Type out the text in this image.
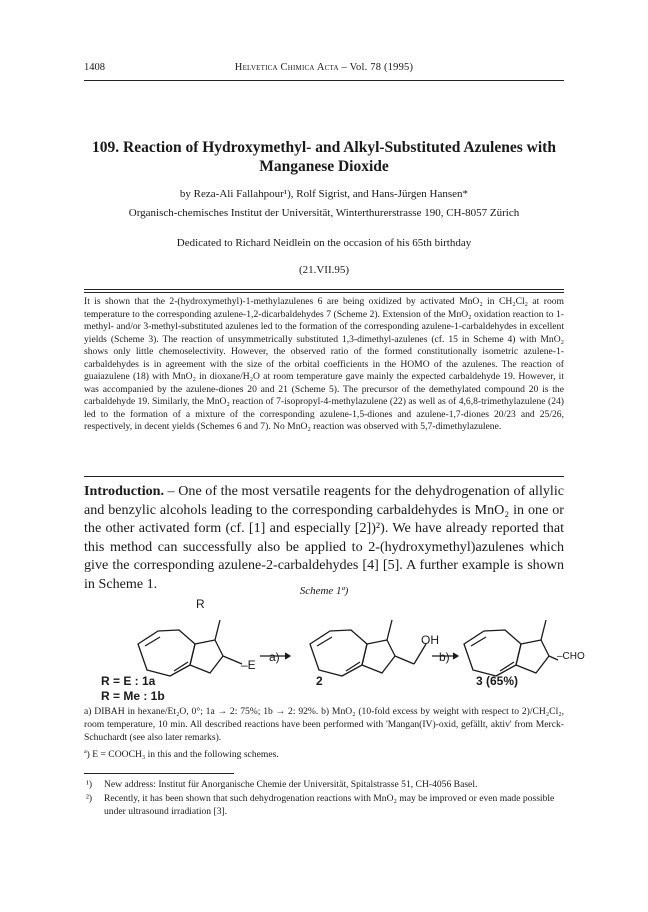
1408	Helvetica Chimica Acta – Vol. 78 (1995)
109. Reaction of Hydroxymethyl- and Alkyl-Substituted Azulenes with Manganese Dioxide
by Reza-Ali Fallahpour¹), Rolf Sigrist, and Hans-Jürgen Hansen*
Organisch-chemisches Institut der Universität, Winterthurerstrasse 190, CH-8057 Zürich
Dedicated to Richard Neidlein on the occasion of his 65th birthday
(21.VII.95)
It is shown that the 2-(hydroxymethyl)-1-methylazulenes 6 are being oxidized by activated MnO₂ in CH₂Cl₂ at room temperature to the corresponding azulene-1,2-dicarbaldehydes 7 (Scheme 2). Extension of the MnO₂ oxidation reaction to 1-methyl- and/or 3-methyl-substituted azulenes led to the formation of the corresponding azulene-1-carbaldehydes in excellent yields (Scheme 3). The reaction of unsymmetrically substituted 1,3-dimethyl-azulenes (cf. 15 in Scheme 4) with MnO₂ shows only little chemoselectivity. However, the observed ratio of the formed constitutionally isometric azulene-1-carbaldehydes is in agreement with the size of the orbital coefficients in the HOMO of the azulenes. The reaction of guaiazulene (18) with MnO₂ in dioxane/H₂O at room temperature gave mainly the expected carbaldehyde 19. However, it was accompanied by the azulene-diones 20 and 21 (Scheme 5). The precursor of the demethylated compound 20 is the carbaldehyde 19. Similarly, the MnO₂ reaction of 7-isopropyl-4-methylazulene (22) as well as of 4,6,8-trimethylazulene (24) led to the formation of a mixture of the corresponding azulene-1,5-diones and azulene-1,7-diones 20/23 and 25/26, respectively, in decent yields (Schemes 6 and 7). No MnO₂ reaction was observed with 5,7-dimethylazulene.
Introduction. – One of the most versatile reagents for the dehydrogenation of allylic and benzylic alcohols leading to the corresponding carbaldehydes is MnO₂ in one or the other activated form (cf. [1] and especially [2])²). We have already reported that this method can successfully also be applied to 2-(hydroxymethyl)azulenes which give the corresponding azulene-2-carbaldehydes [4] [5]. A further example is shown in Scheme 1.	Scheme 1ª)
R
–E
a)
OH
b)	–CHO
R = E : 1a
R = Me : 1b
2	3 (65%)
a) DIBAH in hexane/Et₂O, 0°; 1a → 2: 75%; 1b → 2: 92%. b) MnO₂ (10-fold excess by weight with respect to 2)/CH₂Cl₂, room temperature, 10 min. All described reactions have been performed with 'Mangan(IV)-oxid, gefällt, aktiv' from Merck-Schuchardt (see also later remarks).
ª) E = COOCH₃ in this and the following schemes.
¹) New address: Institut für Anorganische Chemie der Universität, Spitalstrasse 51, CH-4056 Basel.
²) Recently, it has been shown that such dehydrogenation reactions with MnO₂ may be improved or even made possible under ultrasound irradiation [3].
